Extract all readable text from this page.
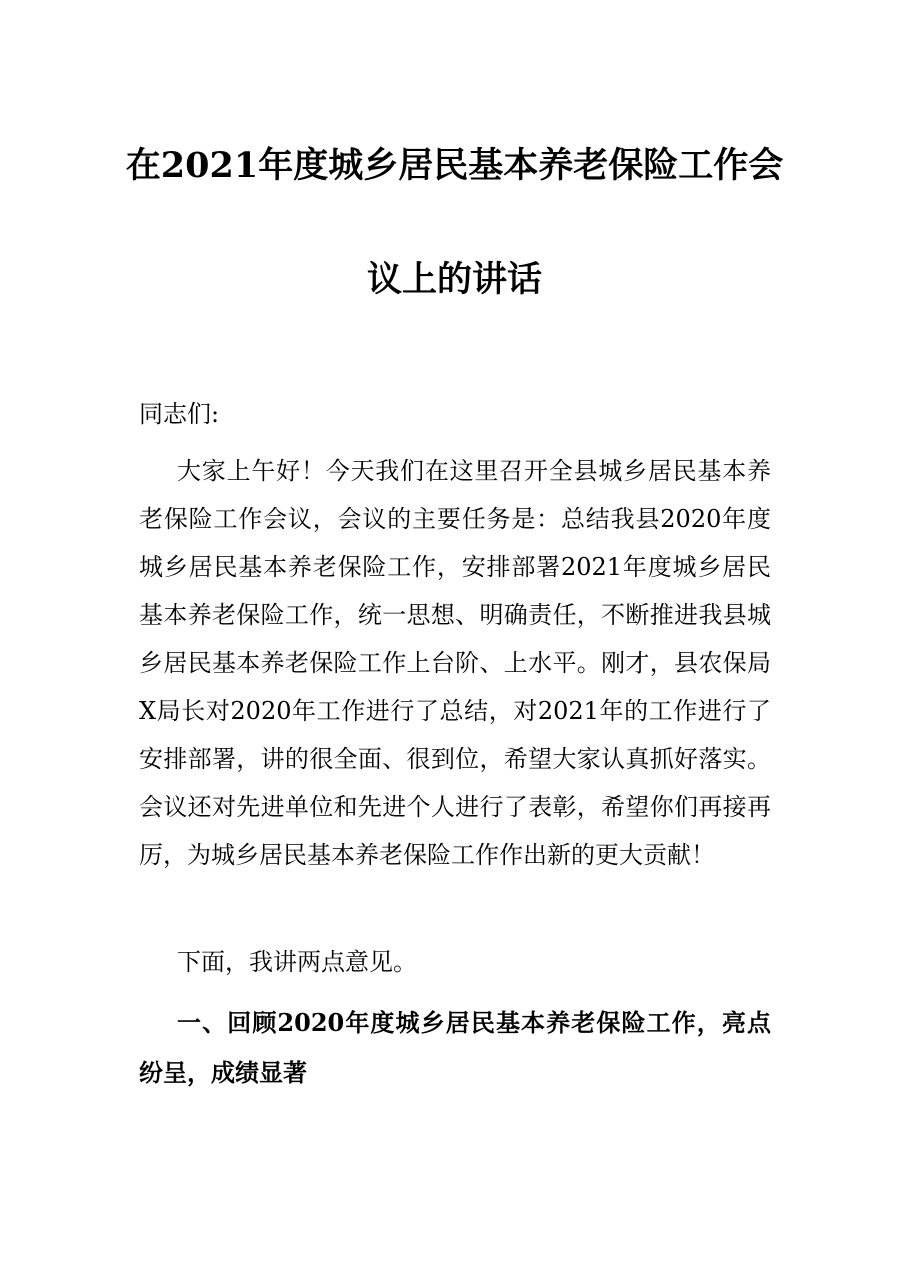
在2021年度城乡居民基本养老保险工作会
议上的讲话

同志们:

大家上午好！今天我们在这里召开全县城乡居民基本养老保险工作会议，会议的主要任务是：总结我县2020年度城乡居民基本养老保险工作，安排部署2021年度城乡居民基本养老保险工作，统一思想、明确责任，不断推进我县城乡居民基本养老保险工作上台阶、上水平。刚才，县农保局X局长对2020年工作进行了总结，对2021年的工作进行了安排部署，讲的很全面、很到位，希望大家认真抓好落实。会议还对先进单位和先进个人进行了表彰，希望你们再接再厉，为城乡居民基本养老保险工作作出新的更大贡献！

下面，我讲两点意见。

一、回顾2020年度城乡居民基本养老保险工作，亮点纷呈，成绩显著
